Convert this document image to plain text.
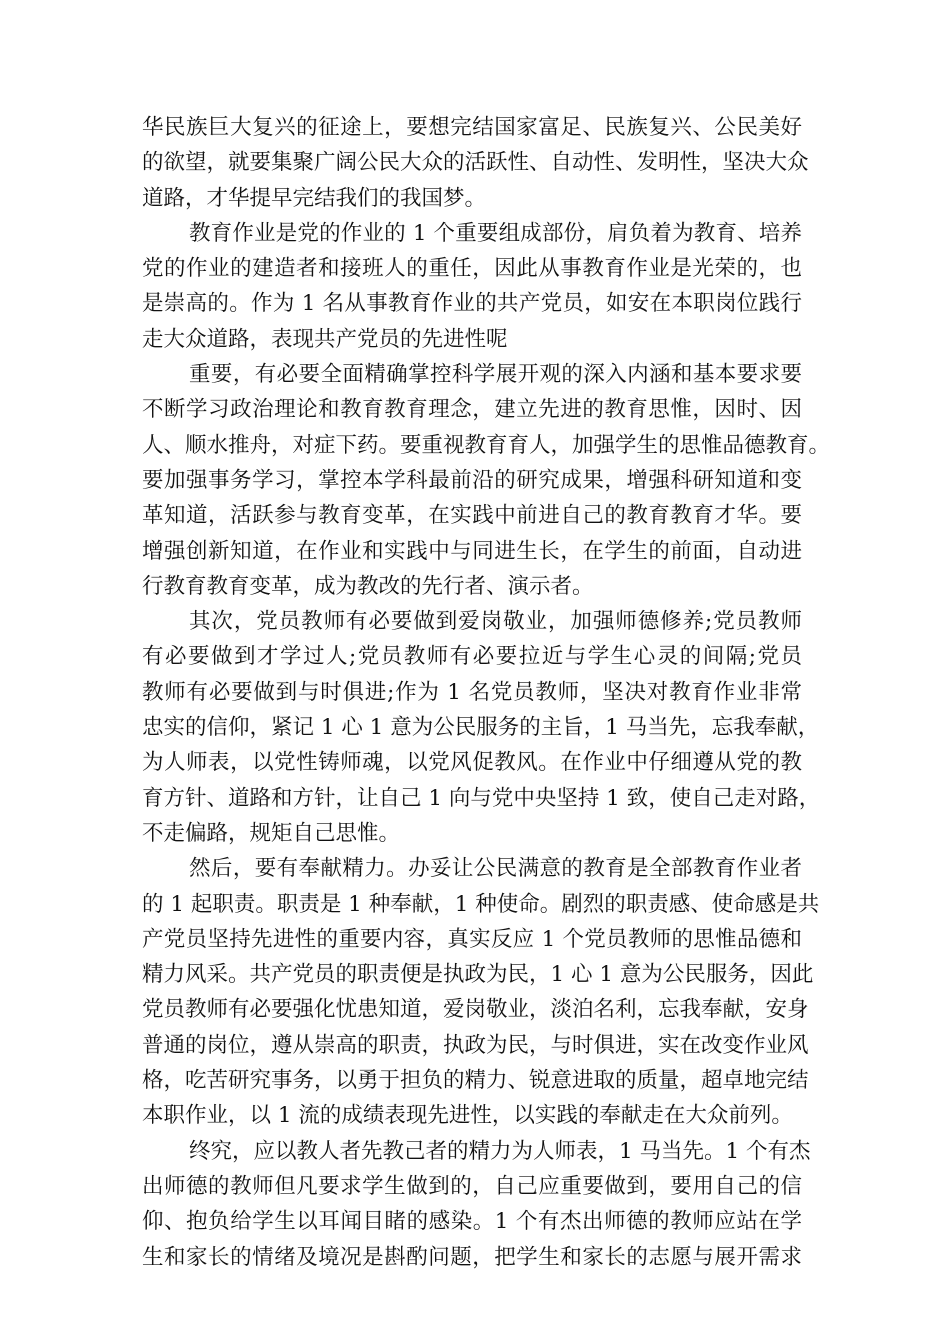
华民族巨大复兴的征途上，要想完结国家富足、民族复兴、公民美好
的欲望，就要集聚广阔公民大众的活跃性、自动性、发明性，坚决大众
道路，才华提早完结我们的我国梦。
教育作业是党的作业的 1 个重要组成部份，肩负着为教育、培养
党的作业的建造者和接班人的重任，因此从事教育作业是光荣的，也
是崇高的。作为 1 名从事教育作业的共产党员，如安在本职岗位践行
走大众道路，表现共产党员的先进性呢
重要，有必要全面精确掌控科学展开观的深入内涵和基本要求要
不断学习政治理论和教育教育理念，建立先进的教育思惟，因时、因
人、顺水推舟，对症下药。要重视教育育人，加强学生的思惟品德教育。
要加强事务学习，掌控本学科最前沿的研究成果，增强科研知道和变
革知道，活跃参与教育变革，在实践中前进自己的教育教育才华。要
增强创新知道，在作业和实践中与同进生长，在学生的前面，自动进
行教育教育变革，成为教改的先行者、演示者。
其次，党员教师有必要做到爱岗敬业，加强师德修养;党员教师
有必要做到才学过人;党员教师有必要拉近与学生心灵的间隔;党员
教师有必要做到与时俱进;作为 1 名党员教师，坚决对教育作业非常
忠实的信仰，紧记 1 心 1 意为公民服务的主旨，1 马当先，忘我奉献，
为人师表，以党性铸师魂，以党风促教风。在作业中仔细遵从党的教
育方针、道路和方针，让自己 1 向与党中央坚持 1 致，使自己走对路，
不走偏路，规矩自己思惟。
然后，要有奉献精力。办妥让公民满意的教育是全部教育作业者
的 1 起职责。职责是 1 种奉献，1 种使命。剧烈的职责感、使命感是共
产党员坚持先进性的重要内容，真实反应 1 个党员教师的思惟品德和
精力风采。共产党员的职责便是执政为民，1 心 1 意为公民服务，因此
党员教师有必要强化忧患知道，爱岗敬业，淡泊名利，忘我奉献，安身
普通的岗位，遵从崇高的职责，执政为民，与时俱进，实在改变作业风
格，吃苦研究事务，以勇于担负的精力、锐意进取的质量，超卓地完结
本职作业，以 1 流的成绩表现先进性，以实践的奉献走在大众前列。
终究，应以教人者先教己者的精力为人师表，1 马当先。1 个有杰
出师德的教师但凡要求学生做到的，自己应重要做到，要用自己的信
仰、抱负给学生以耳闻目睹的感染。1 个有杰出师德的教师应站在学
生和家长的情绪及境况是斟酌问题，把学生和家长的志愿与展开需求
